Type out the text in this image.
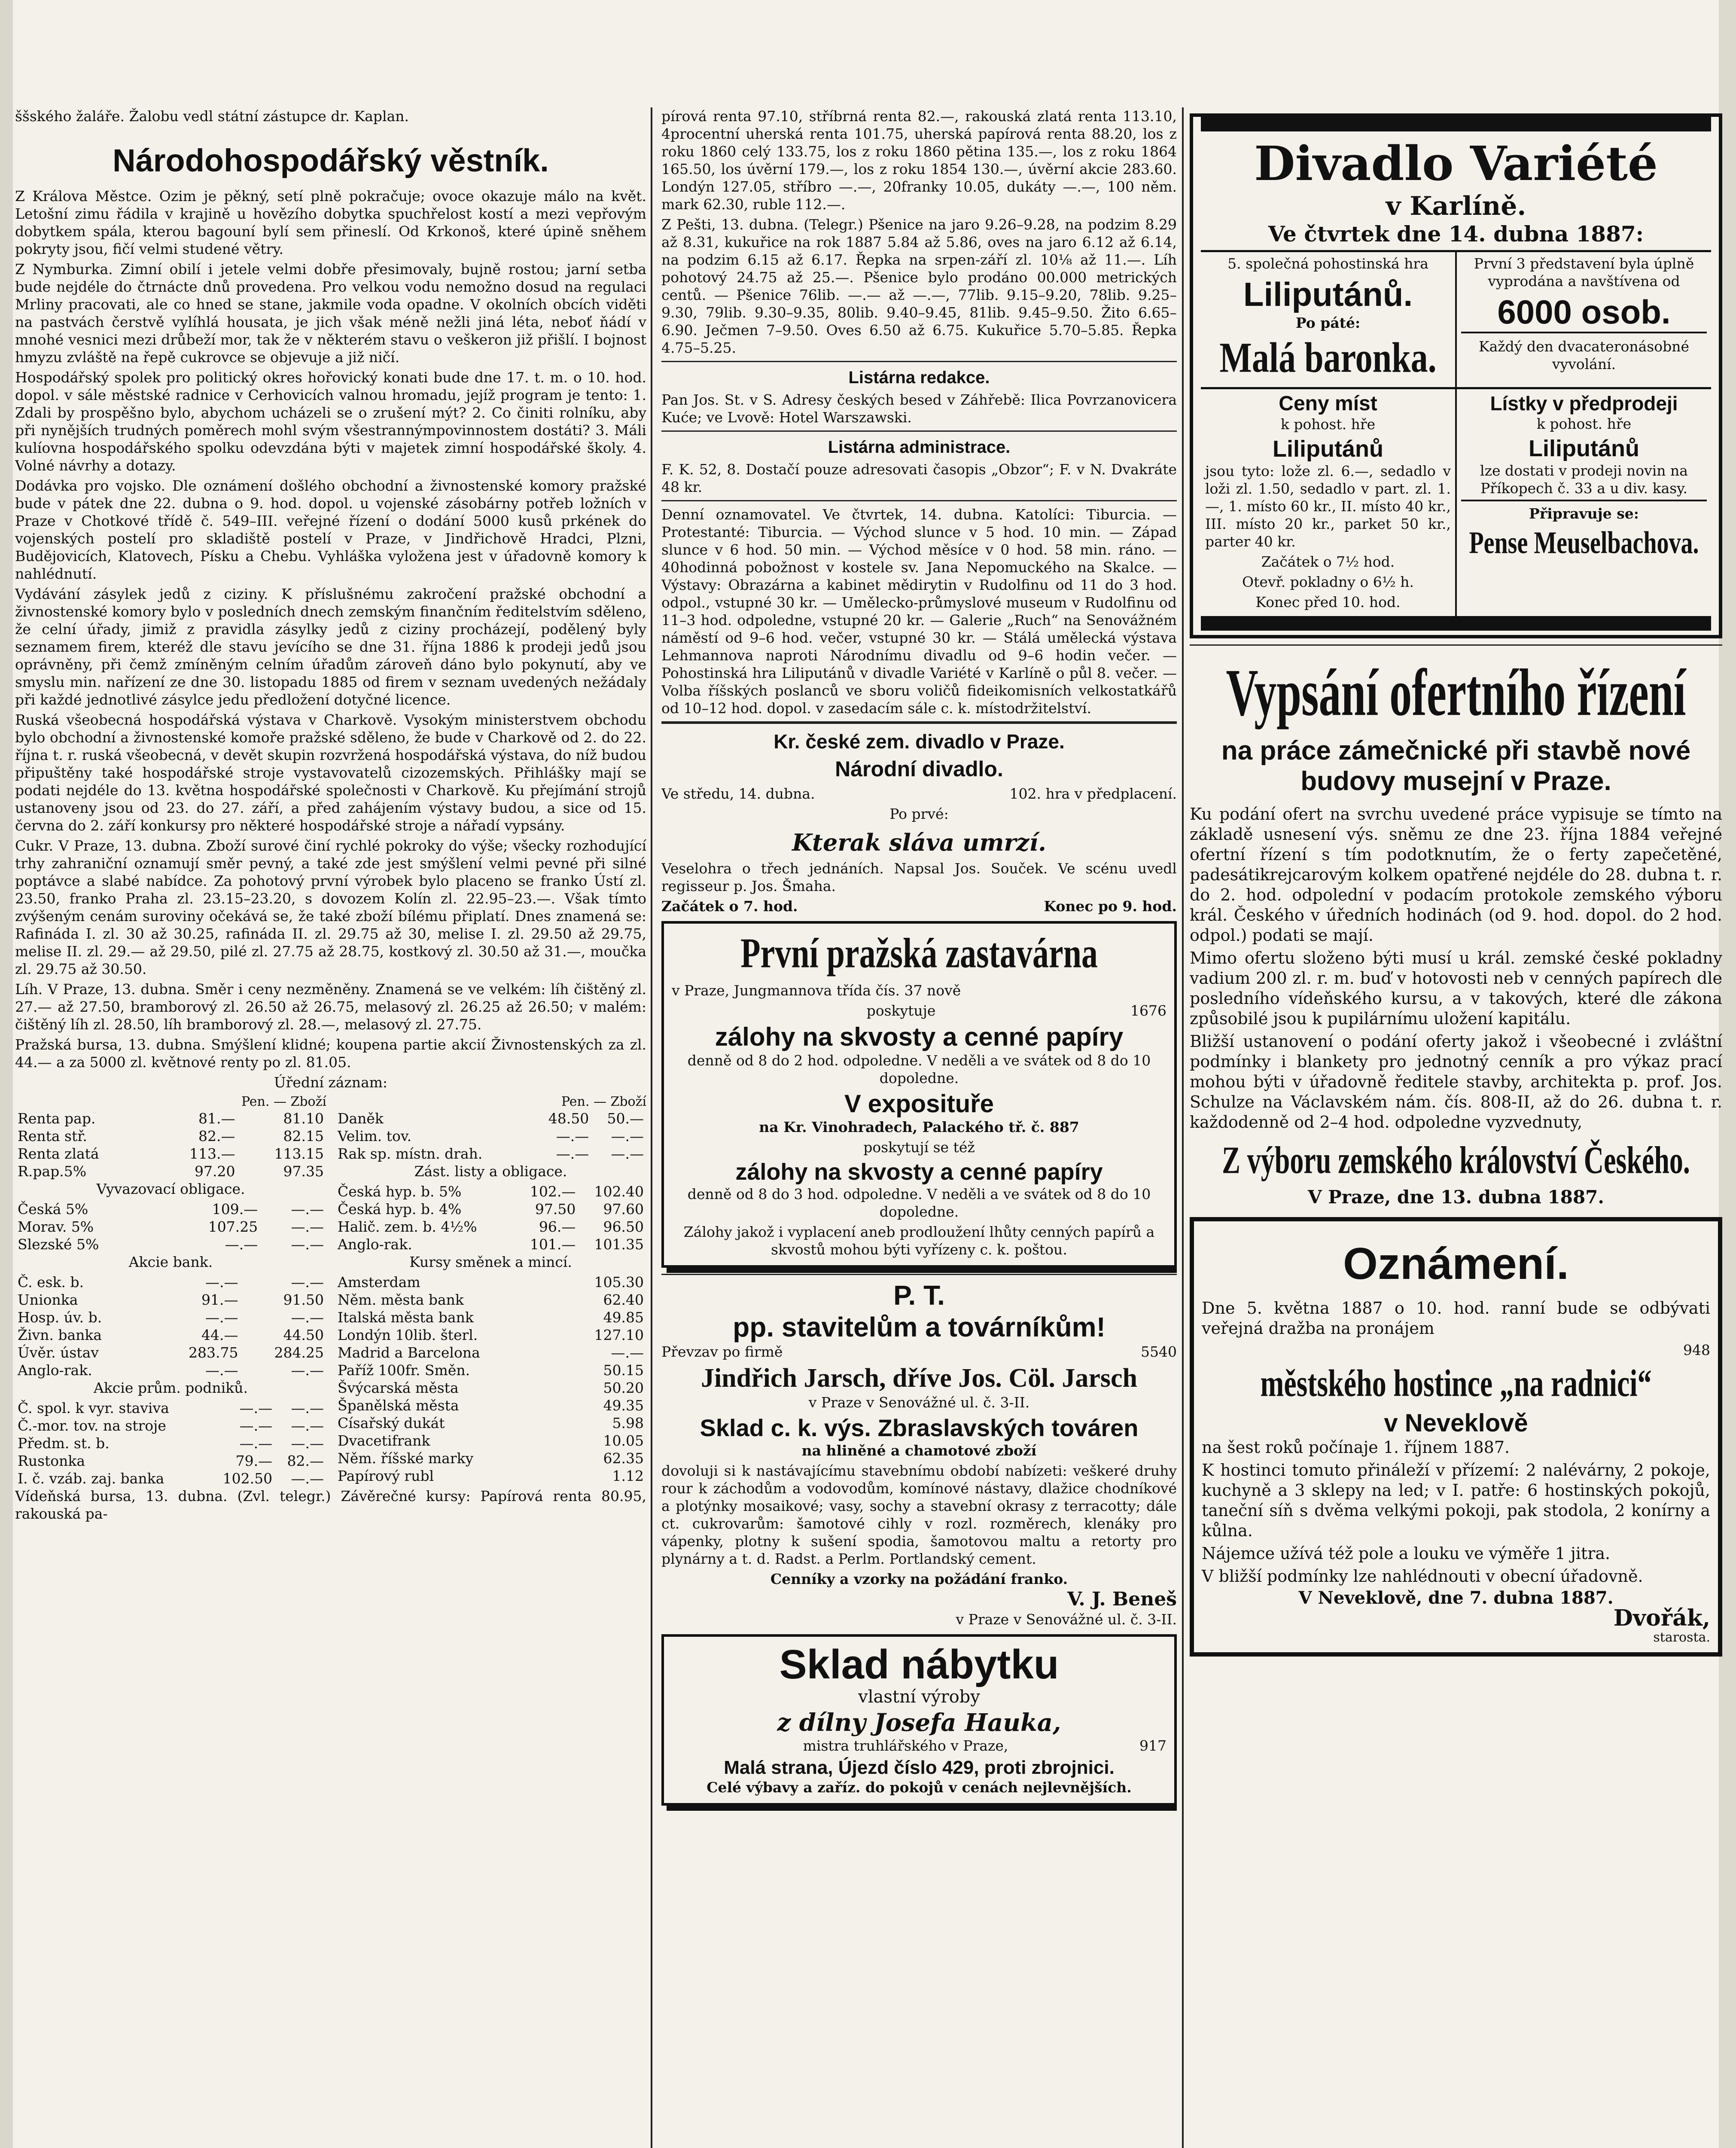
ššského žaláře. Žalobu vedl státní zástupce dr. Kaplan.

Národohospodářský věstník.

Z Králova Městce. Ozim je pěkný, setí plně pokračuje; ovoce okazuje málo na květ. Letošní zimu řádila v krajině u hovězího dobytka spuchřelost kostí a mezi vepřovým dobytkem spála, kterou bagouní bylí sem přineslí. Od Krkonoš, které úpině sněhem pokryty jsou, fičí velmi studené větry.

Z Nymburka. Zimní obilí i jetele velmi dobře přesimovaly, bujně rostou; jarní setba bude nejdéle do čtrnácte dnů provedena. Pro velkou vodu nemožno dosud na regulaci Mrliny pracovati, ale co hned se stane, jakmile voda opadne. V okolních obcích viděti na pastvách čerstvě vylíhlá housata, je jich však méně nežli jiná léta, neboť ňádí v mnohé vesnici mezi drůbeží mor, tak že v některém stavu o veškeron již přišlí. I bojnost hmyzu zvláště na řepě cukrovce se objevuje a již ničí.

Hospodářský spolek pro politický okres hořovický konati bude dne 17. t. m. o 10. hod. dopol. v sále městské radnice v Cerhovicích valnou hromadu, jejíž program je tento: 1. Zdali by prospěšno bylo, abychom ucházeli se o zrušení mýt? 2. Co činiti rolníku, aby při nynějších trudných poměrech mohl svým všestrannýmpovinnostem dostáti? 3. Máli kulíovna hospodářského spolku odevzdána býti v majetek zimní hospodářské školy. 4. Volné návrhy a dotazy.

Dodávka pro vojsko. Dle oznámení došlého obchodní a živnostenské komory pražské bude v pátek dne 22. dubna o 9. hod. dopol. u vojenské zásobárny potřeb ložních v Praze v Chotkové třídě č. 549–III. veřejné řízení o dodání 5000 kusů prkének do vojenských postelí pro skladiště postelí v Praze, v Jindřichově Hradci, Plzni, Budějovicích, Klatovech, Písku a Chebu. Vyhláška vyložena jest v úřadovně komory k nahlédnutí.

Vydávání zásylek jedů z ciziny. K příslušnému zakročení pražské obchodní a živnostenské komory bylo v posledních dnech zemským finančním ředitelstvím sděleno, že celní úřady, jimiž z pravidla zásylky jedů z ciziny procházejí, podělený byly seznamem firem, kteréž dle stavu jevícího se dne 31. října 1886 k prodeji jedů jsou oprávněny, při čemž zmíněným celním úřadům zároveň dáno bylo pokynutí, aby ve smyslu min. nařízení ze dne 30. listopadu 1885 od firem v seznam uvedených nežádaly při každé jednotlivé zásylce jedu předložení dotyčné licence.

Ruská všeobecná hospodářská výstava v Charkově. Vysokým ministerstvem obchodu bylo obchodní a živnostenské komoře pražské sděleno, že bude v Charkově od 2. do 22. října t. r. ruská všeobecná, v devět skupin rozvržená hospodářská výstava, do níž budou připuštěny také hospodářské stroje vystavovatelů cizozemských. Přihlášky mají se podati nejdéle do 13. května hospodářské společnosti v Charkově. Ku přejímání strojů ustanoveny jsou od 23. do 27. září, a před zahájením výstavy budou, a sice od 15. června do 2. září konkursy pro některé hospodářské stroje a nářadí vypsány.

Cukr. V Praze, 13. dubna. Zboží surové činí rychlé pokroky do výše; všecky rozhodující trhy zahraniční oznamují směr pevný, a také zde jest smýšlení velmi pevné při silné poptávce a slabé nabídce. Za pohotový první výrobek bylo placeno se franko Ústí zl. 23.50, franko Praha zl. 23.15–23.20, s dovozem Kolín zl. 22.95–23.—. Však tímto zvýšeným cenám suroviny očekává se, že také zboží bílému připlatí. Dnes znamená se: Rafináda I. zl. 30 až 30.25, rafináda II. zl. 29.75 až 30, melise I. zl. 29.50 až 29.75, melise II. zl. 29.— až 29.50, pilé zl. 27.75 až 28.75, kostkový zl. 30.50 až 31.—, moučka zl. 29.75 až 30.50.

Líh. V Praze, 13. dubna. Směr i ceny nezměněny. Znamená se ve velkém: líh čištěný zl. 27.— až 27.50, bramborový zl. 26.50 až 26.75, melasový zl. 26.25 až 26.50; v malém: čištěný líh zl. 28.50, líh bramborový zl. 28.—, melasový zl. 27.75.

Pražská bursa, 13. dubna. Smýšlení klidné; koupena partie akcií Živnostenských za zl. 44.— a za 5000 zl. květnové renty po zl. 81.05.

Úřední záznam:
Pen. — Zboží
Renta pap.	81.—	81.10
Renta stř.	82.—	82.15
Renta zlatá	113.—	113.15
R.pap.5%	97.20	97.35
Vyvazovací obligace.
Česká 5%	109.—	—.—
Morav. 5%	107.25	—.—
Slezské 5%	—.—	—.—
Akcie bank.
Č. esk. b.	—.—	—.—
Unionka	91.—	91.50
Hosp. úv. b.	—.—	—.—
Živn. banka	44.—	44.50
Úvěr. ústav	283.75	284.25
Anglo-rak.	—.—	—.—
Akcie prům. podniků.
Č. spol. k vyr. staviva	—.—	—.—
Č.-mor. tov. na stroje	—.—	—.—
Předm. st. b.	—.—	—.—
Rustonka	79.—	82.—
I. č. vzáb. zaj. banka	102.50	—.—
Pen. — Zboží
Daněk	48.50	50.—
Velim. tov.	—.—	—.—
Rak sp. místn. drah.	—.—	—.—
Zást. listy a obligace.
Česká hyp. b. 5%	102.—	102.40
Česká hyp. b. 4%	97.50	97.60
Halič. zem. b. 4½%	96.—	96.50
Anglo-rak.	101.—	101.35
Kursy směnek a mincí.
Amsterdam	105.30
Něm. města bank	62.40
Italská města bank	49.85
Londýn 10lib. šterl.	127.10
Madrid a Barcelona	—.—
Paříž 100fr. Směn.	50.15
Švýcarská města	50.20
Španělská města	49.35
Císařský dukát	5.98
Dvacetifrank	10.05
Něm. říšské marky	62.35
Papírový rubl	1.12

Vídeňská bursa, 13. dubna. (Zvl. telegr.) Závěrečné kursy: Papírová renta 80.95, rakouská pa-

pírová renta 97.10, stříbrná renta 82.—, rakouská zlatá renta 113.10, 4procentní uherská renta 101.75, uherská papírová renta 88.20, los z roku 1860 celý 133.75, los z roku 1860 pětina 135.—, los z roku 1864 165.50, los úvěrní 179.—, los z roku 1854 130.—, úvěrní akcie 283.60. Londýn 127.05, stříbro —.—, 20franky 10.05, dukáty —.—, 100 něm. mark 62.30, ruble 112.—.

Z Pešti, 13. dubna. (Telegr.) Pšenice na jaro 9.26–9.28, na podzim 8.29 až 8.31, kukuřice na rok 1887 5.84 až 5.86, oves na jaro 6.12 až 6.14, na podzim 6.15 až 6.17. Řepka na srpen-září zl. 10⅛ až 11.—. Líh pohotový 24.75 až 25.—. Pšenice bylo prodáno 00.000 metrických centů. — Pšenice 76lib. —.— až —.—, 77lib. 9.15–9.20, 78lib. 9.25–9.30, 79lib. 9.30–9.35, 80lib. 9.40–9.45, 81lib. 9.45–9.50. Žito 6.65–6.90. Ječmen 7–9.50. Oves 6.50 až 6.75. Kukuřice 5.70–5.85. Řepka 4.75–5.25.

Listárna redakce.

Pan Jos. St. v S. Adresy českých besed v Záhřebě: Ilica Povrzanovicera Kuće; ve Lvově: Hotel Warszawski.

Listárna administrace.

F. K. 52, 8. Dostačí pouze adresovati časopis „Obzor“; F. v N. Dvakráte 48 kr.

Denní oznamovatel. Ve čtvrtek, 14. dubna. Katolíci: Tiburcia. — Protestanté: Tiburcia. — Východ slunce v 5 hod. 10 min. — Západ slunce v 6 hod. 50 min. — Východ měsíce v 0 hod. 58 min. ráno. — 40hodinná pobožnost v kostele sv. Jana Nepomuckého na Skalce. — Výstavy: Obrazárna a kabinet mědirytin v Rudolfinu od 11 do 3 hod. odpol., vstupné 30 kr. — Umělecko-průmyslové museum v Rudolfinu od 11–3 hod. odpoledne, vstupné 20 kr. — Galerie „Ruch“ na Senovážném náměstí od 9–6 hod. večer, vstupné 30 kr. — Stálá umělecká výstava Lehmannova naproti Národnímu divadlu od 9–6 hodin večer. — Pohostinská hra Liliputánů v divadle Variété v Karlíně o půl 8. večer. — Volba říšských poslanců ve sboru voličů fideikomisních velkostatkářů od 10–12 hod. dopol. v zasedacím sále c. k. místodržitelství.

Kr. české zem. divadlo v Praze.
Národní divadlo.
Ve středu, 14. dubna.	102. hra v předplacení.
Po prvé:
Kterak sláva umrzí.

Veselohra o třech jednáních. Napsal Jos. Souček. Ve scénu uvedl regisseur p. Jos. Šmaha.

Začátek o 7. hod.	Konec po 9. hod.
První pražská zastavárna
v Praze, Jungmannova třída čís. 37 nově
poskytuje	1676
zálohy na skvosty a cenné papíry

denně od 8 do 2 hod. odpoledne. V neděli a ve svátek od 8 do 10 dopoledne.

V exposituře
na Kr. Vinohradech, Palackého tř. č. 887
poskytují se též
zálohy na skvosty a cenné papíry

denně od 8 do 3 hod. odpoledne. V neděli a ve svátek od 8 do 10 dopoledne.

Zálohy jakož i vyplacení aneb prodloužení lhůty cenných papírů a skvostů mohou býti vyřízeny c. k. poštou.

P. T.
pp. stavitelům a továrníkům!
Převzav po firmě	5540
Jindřich Jarsch, dříve Jos. Cöl. Jarsch
v Praze v Senovážné ul. č. 3-II.
Sklad c. k. výs. Zbraslavských továren
na hliněné a chamotové zboží

dovoluji si k nastávajícímu stavebnímu období nabízeti: veškeré druhy rour k záchodům a vodovodům, komínové nástavy, dlažice chodníkové a plotýnky mosaikové; vasy, sochy a stavební okrasy z terracotty; dále ct. cukrovarům: šamotové cihly v rozl. rozměrech, klenáky pro vápenky, plotny k sušení spodia, šamotovou maltu a retorty pro plynárny a t. d. Radst. a Perlm. Portlandský cement.

Cenníky a vzorky na požádání franko.
V. J. Beneš
v Praze v Senovážné ul. č. 3-II.
Sklad nábytku
vlastní výroby
z dílny Josefa Hauka,
mistra truhlářského v Praze,	917
Malá strana, Újezd číslo 429, proti zbrojnici.
Celé výbavy a zaříz. do pokojů v cenách nejlevnějších.
Divadlo Variété
v Karlíně.
Ve čtvrtek dne 14. dubna 1887:
5. společná pohostinská hra
Liliputánů.
Po páté:
Malá baronka.
První 3 představení byla úplně vyprodána a navštívena od
6000 osob.
Každý den dvacateronásobné vyvolání.
Ceny míst
k pohost. hře
Liliputánů

jsou tyto: lože zl. 6.—, sedadlo v loži zl. 1.50, sedadlo v part. zl. 1.—, 1. místo 60 kr., II. místo 40 kr., III. místo 20 kr., parket 50 kr., parter 40 kr.

Začátek o 7½ hod.
Otevř. pokladny o 6½ h.
Konec před 10. hod.
Lístky v předprodeji
k pohost. hře
Liliputánů

lze dostati v prodeji novin na Příkopech č. 33 a u div. kasy.

Připravuje se:
Pense Meuselbachova.
Vypsání ofertního řízení
na práce zámečnické při stavbě nové budovy musejní v Praze.

Ku podání ofert na svrchu uvedené práce vypisuje se tímto na základě usnesení výs. sněmu ze dne 23. října 1884 veřejné ofertní řízení s tím podotknutím, že o fertу zapečetěné, padesátikrejcarovým kolkem opatřené nejdéle do 28. dubna t. r. do 2. hod. odpolední v podacím protokole zemského výboru král. Českého v úředních hodinách (od 9. hod. dopol. do 2 hod. odpol.) podati se mají.

Mimo ofertu složeno býti musí u král. zemské české pokladny vadium 200 zl. r. m. buď v hotovosti neb v cenných papírech dle posledního vídeňského kursu, a v takových, které dle zákona způsobilé jsou k pupilárnímu uložení kapitálu.

Bližší ustanovení o podání oferty jakož i všeobecné i zvláštní podmínky i blankety pro jednotný cenník a pro výkaz prací mohou býti v úřadovně ředitele stavby, architekta p. prof. Jos. Schulze na Václavském nám. čís. 808-II, až do 26. dubna t. r. každodenně od 2–4 hod. odpoledne vyzvednuty,

Z výboru zemského království Českého.
V Praze, dne 13. dubna 1887.
Oznámení.

Dne 5. května 1887 o 10. hod. ranní bude se odbývati veřejná dražba na pronájem

948
městského hostince „na radnici“
v Neveklově

na šest roků počínaje 1. říjnem 1887.

K hostinci tomuto přináleží v přízemí: 2 nalévárny, 2 pokoje, kuchyně a 3 sklepy na led; v I. patře: 6 hostinských pokojů, taneční síň s dvěma velkými pokoji, pak stodola, 2 konírny a kůlna.

Nájemce užívá též pole a louku ve výměře 1 jitra.

V bližší podmínky lze nahlédnouti v obecní úřadovně.

V Neveklově, dne 7. dubna 1887.
Dvořák,
starosta.
